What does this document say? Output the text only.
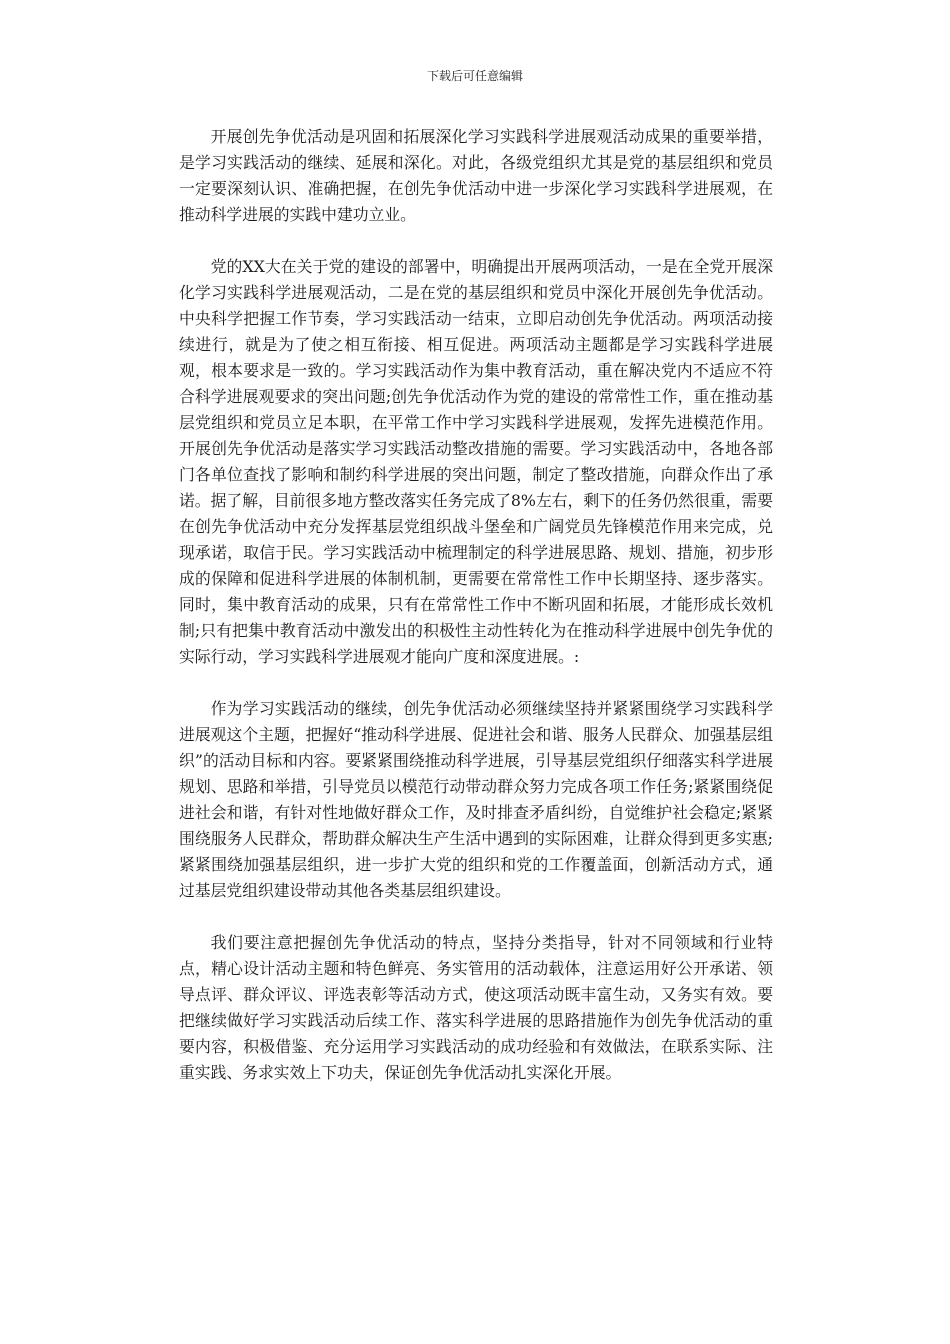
下载后可任意编辑

开展创先争优活动是巩固和拓展深化学习实践科学进展观活动成果的重要举措，是学习实践活动的继续、延展和深化。对此，各级党组织尤其是党的基层组织和党员一定要深刻认识、准确把握，在创先争优活动中进一步深化学习实践科学进展观，在推动科学进展的实践中建功立业。

党的XX大在关于党的建设的部署中，明确提出开展两项活动，一是在全党开展深化学习实践科学进展观活动，二是在党的基层组织和党员中深化开展创先争优活动。中央科学把握工作节奏，学习实践活动一结束，立即启动创先争优活动。两项活动接续进行，就是为了使之相互衔接、相互促进。两项活动主题都是学习实践科学进展观，根本要求是一致的。学习实践活动作为集中教育活动，重在解决党内不适应不符合科学进展观要求的突出问题;创先争优活动作为党的建设的常常性工作，重在推动基层党组织和党员立足本职，在平常工作中学习实践科学进展观，发挥先进模范作用。开展创先争优活动是落实学习实践活动整改措施的需要。学习实践活动中，各地各部门各单位查找了影响和制约科学进展的突出问题，制定了整改措施，向群众作出了承诺。据了解，目前很多地方整改落实任务完成了8%左右，剩下的任务仍然很重，需要在创先争优活动中充分发挥基层党组织战斗堡垒和广阔党员先锋模范作用来完成，兑现承诺，取信于民。学习实践活动中梳理制定的科学进展思路、规划、措施，初步形成的保障和促进科学进展的体制机制，更需要在常常性工作中长期坚持、逐步落实。同时，集中教育活动的成果，只有在常常性工作中不断巩固和拓展，才能形成长效机制;只有把集中教育活动中激发出的积极性主动性转化为在推动科学进展中创先争优的实际行动，学习实践科学进展观才能向广度和深度进展。:

作为学习实践活动的继续，创先争优活动必须继续坚持并紧紧围绕学习实践科学进展观这个主题，把握好“推动科学进展、促进社会和谐、服务人民群众、加强基层组织”的活动目标和内容。要紧紧围绕推动科学进展，引导基层党组织仔细落实科学进展规划、思路和举措，引导党员以模范行动带动群众努力完成各项工作任务;紧紧围绕促进社会和谐，有针对性地做好群众工作，及时排查矛盾纠纷，自觉维护社会稳定;紧紧围绕服务人民群众，帮助群众解决生产生活中遇到的实际困难，让群众得到更多实惠;紧紧围绕加强基层组织，进一步扩大党的组织和党的工作覆盖面，创新活动方式，通过基层党组织建设带动其他各类基层组织建设。

我们要注意把握创先争优活动的特点，坚持分类指导，针对不同领域和行业特点，精心设计活动主题和特色鲜亮、务实管用的活动载体，注意运用好公开承诺、领导点评、群众评议、评选表彰等活动方式，使这项活动既丰富生动，又务实有效。要把继续做好学习实践活动后续工作、落实科学进展的思路措施作为创先争优活动的重要内容，积极借鉴、充分运用学习实践活动的成功经验和有效做法，在联系实际、注重实践、务求实效上下功夫，保证创先争优活动扎实深化开展。
